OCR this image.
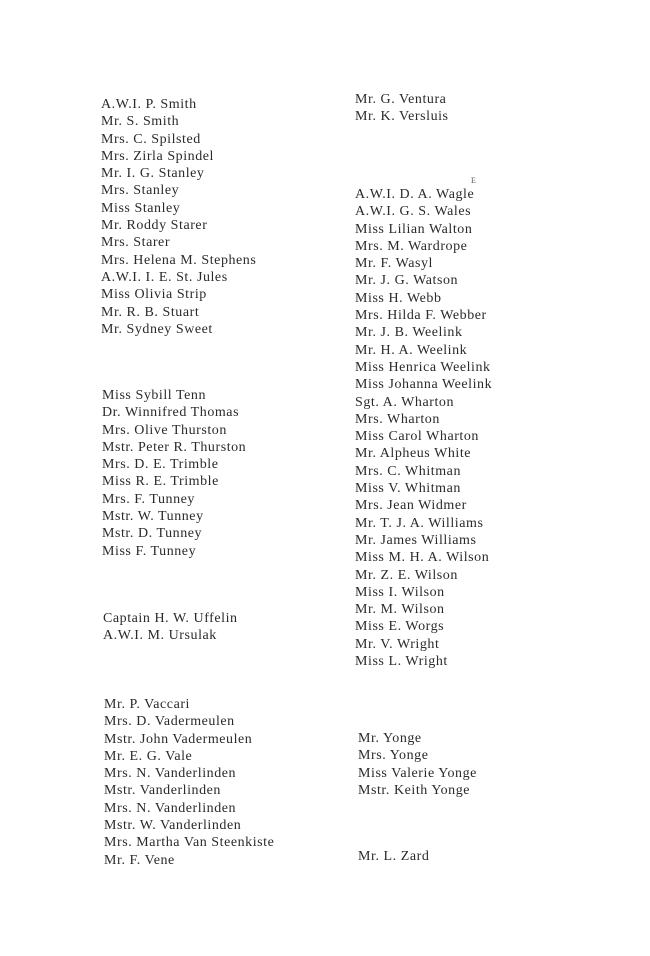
A.W.I. P. Smith
Mr. S. Smith
Mrs. C. Spilsted
Mrs. Zirla Spindel
Mr. I. G. Stanley
Mrs. Stanley
Miss Stanley
Mr. Roddy Starer
Mrs. Starer
Mrs. Helena M. Stephens
A.W.I. I. E. St. Jules
Miss Olivia Strip
Mr. R. B. Stuart
Mr. Sydney Sweet
Miss Sybill Tenn
Dr. Winnifred Thomas
Mrs. Olive Thurston
Mstr. Peter R. Thurston
Mrs. D. E. Trimble
Miss R. E. Trimble
Mrs. F. Tunney
Mstr. W. Tunney
Mstr. D. Tunney
Miss F. Tunney
Captain H. W. Uffelin
A.W.I. M. Ursulak
Mr. P. Vaccari
Mrs. D. Vadermeulen
Mstr. John Vadermeulen
Mr. E. G. Vale
Mrs. N. Vanderlinden
Mstr. Vanderlinden
Mrs. N. Vanderlinden
Mstr. W. Vanderlinden
Mrs. Martha Van Steenkiste
Mr. F. Vene
Mr. G. Ventura
Mr. K. Versluis
E
A.W.I. D. A. Wagle
A.W.I. G. S. Wales
Miss Lilian Walton
Mrs. M. Wardrope
Mr. F. Wasyl
Mr. J. G. Watson
Miss H. Webb
Mrs. Hilda F. Webber
Mr. J. B. Weelink
Mr. H. A. Weelink
Miss Henrica Weelink
Miss Johanna Weelink
Sgt. A. Wharton
Mrs. Wharton
Miss Carol Wharton
Mr. Alpheus White
Mrs. C. Whitman
Miss V. Whitman
Mrs. Jean Widmer
Mr. T. J. A. Williams
Mr. James Williams
Miss M. H. A. Wilson
Mr. Z. E. Wilson
Miss I. Wilson
Mr. M. Wilson
Miss E. Worgs
Mr. V. Wright
Miss L. Wright
Mr. Yonge
Mrs. Yonge
Miss Valerie Yonge
Mstr. Keith Yonge
Mr. L. Zard
